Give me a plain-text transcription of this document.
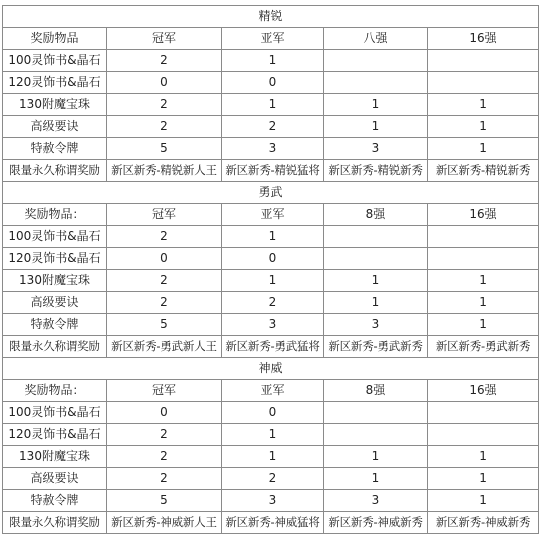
精锐				
奖励物品	冠军	亚军	八强	16强
100灵饰书&晶石	2	1		
120灵饰书&晶石	0	0		
130附魔宝珠	2	1	1	1
高级要诀	2	2	1	1
特赦令牌	5	3	3	1
限量永久称谓奖励	新区新秀-精锐新人王	新区新秀-精锐猛将	新区新秀-精锐新秀	新区新秀-精锐新秀
勇武				
奖励物品：	冠军	亚军	8强	16强
100灵饰书&晶石	2	1		
120灵饰书&晶石	0	0		
130附魔宝珠	2	1	1	1
高级要诀	2	2	1	1
特赦令牌	5	3	3	1
限量永久称谓奖励	新区新秀-勇武新人王	新区新秀-勇武猛将	新区新秀-勇武新秀	新区新秀-勇武新秀
神威				
奖励物品：	冠军	亚军	8强	16强
100灵饰书&晶石	0	0		
120灵饰书&晶石	2	1		
130附魔宝珠	2	1	1	1
高级要诀	2	2	1	1
特赦令牌	5	3	3	1
限量永久称谓奖励	新区新秀-神威新人王	新区新秀-神威猛将	新区新秀-神威新秀	新区新秀-神威新秀
